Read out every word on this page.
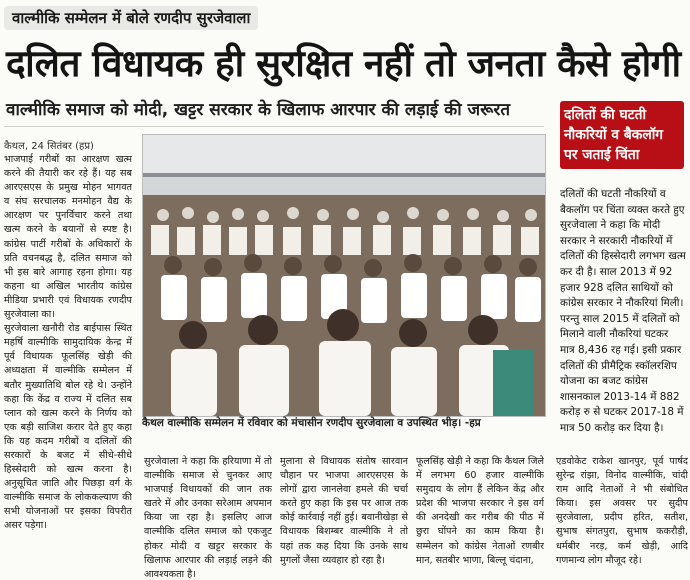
वाल्मीकि सम्मेलन में बोले रणदीप सुरजेवाला
दलित विधायक ही सुरक्षित नहीं तो जनता कैसे होगी
वाल्मीकि समाज को मोदी, खट्टर सरकार के खिलाफ आरपार की लड़ाई की जरूरत
कैथल, 24 सितंबर (हप्र)

भाजपाई गरीबों का आरक्षण खत्म करने की तैयारी कर रहे हैं। यह सब आरएसएस के प्रमुख मोहन भागवत व संघ सरचालक मनमोहन वैद्य के आरक्षण पर पुनर्विचार करने तथा खत्म करने के बयानों से स्पष्ट है। कांग्रेस पार्टी गरीबों के अधिकारों के प्रति वचनबद्ध है, दलित समाज को भी इस बारे आगाह रहना होगा। यह कहना था अखिल भारतीय कांग्रेस मीडिया प्रभारी एवं विधायक रणदीप सुरजेवाला का।

सुरजेवाला खनौरी रोड बाईपास स्थित महर्षि वाल्मीकि सामुदायिक केन्द्र में पूर्व विधायक फूलसिंह खेड़ी की अध्यक्षता में वाल्मीकि सम्मेलन में बतौर मुख्यातिथि बोल रहे थे। उन्होंने कहा कि केंद्र व राज्य में दलित सब प्लान को खत्म करने के निर्णय को एक बड़ी साजिश करार देते हुए कहा कि यह कदम गरीबों व दलितों की सरकारों के बजट में सीधे-सीधे हिस्सेदारी को खत्म करना है। अनुसूचित जाति और पिछड़ा वर्ग के वाल्मीकि समाज के लोककल्याण की सभी योजनाओं पर इसका विपरीत असर पड़ेगा।

कैथल वाल्मीकि सम्मेलन में रविवार को मंचासीन रणदीप सुरजेवाला व उपस्थित भीड़। -हप्र

सुरजेवाला ने कहा कि हरियाणा में तो वाल्मीकि समाज से चुनकर आए भाजपाई विधायकों की जान तक खतरे में और उनका सरेआम अपमान किया जा रहा है। इसलिए आज वाल्मीकि दलित समाज को एकजुट होकर मोदी व खट्टर सरकार के खिलाफ आरपार की लड़ाई लड़ने की आवश्यकता है।

मुलाना से विधायक संतोष सारवान चौहान पर भाजपा आरएसएस के लोगों द्वारा जानलेवा हमले की चर्चा करते हुए कहा कि इस पर आज तक कोई कार्रवाई नहीं हुई। बवानीखेड़ा से विधायक बिशम्बर वाल्मीकि ने तो यहां तक कह दिया कि उनके साथ मुगलों जैसा व्यवहार हो रहा है।

फूलसिंह खेड़ी ने कहा कि कैथल जिले में लगभग 60 हजार वाल्मीकि समुदाय के लोग हैं लेकिन केंद्र और प्रदेश की भाजपा सरकार ने इस वर्ग की अनदेखी कर गरीब की पीठ में छुरा घोंपने का काम किया है। सम्मेलन को कांग्रेस नेताओं रणबीर मान, सतबीर भाणा, बिल्लू चंदाना,

दलितों की घटती नौकरियों व बैकलॉग पर जताई चिंता

दलितों की घटती नौकरियों व बैकलॉग पर चिंता व्यक्त करते हुए सुरजेवाला ने कहा कि मोदी सरकार ने सरकारी नौकरियों में दलितों की हिस्सेदारी लगभग खत्म कर दी है। साल 2013 में 92 हजार 928 दलित साथियों को कांग्रेस सरकार ने नौकरियां मिली। परन्तु साल 2015 में दलितों को मिलाने वाली नौकरियां घटकर मात्र 8,436 रह गई। इसी प्रकार दलितों की प्रीमैट्रिक स्कॉलरशिप योजना का बजट कांग्रेस शासनकाल 2013-14 में 882 करोड़ रु से घटकर 2017-18 में मात्र 50 करोड़ कर दिया है।

एडवोकेट राकेश खानपुर, पूर्व पार्षद सुरेन्द्र रांझा, विनोद वाल्मीकि, चांदी राम आदि नेताओं ने भी संबोधित किया। इस अवसर पर सुदीप सुरजेवाला, प्रदीप हरित, सतीश, सुभाष संगतपुरा, सुभाष ककरौड़ी, धर्मबीर नरड़, कर्म खेड़ी, आदि गणमान्य लोग मौजूद रहे।
